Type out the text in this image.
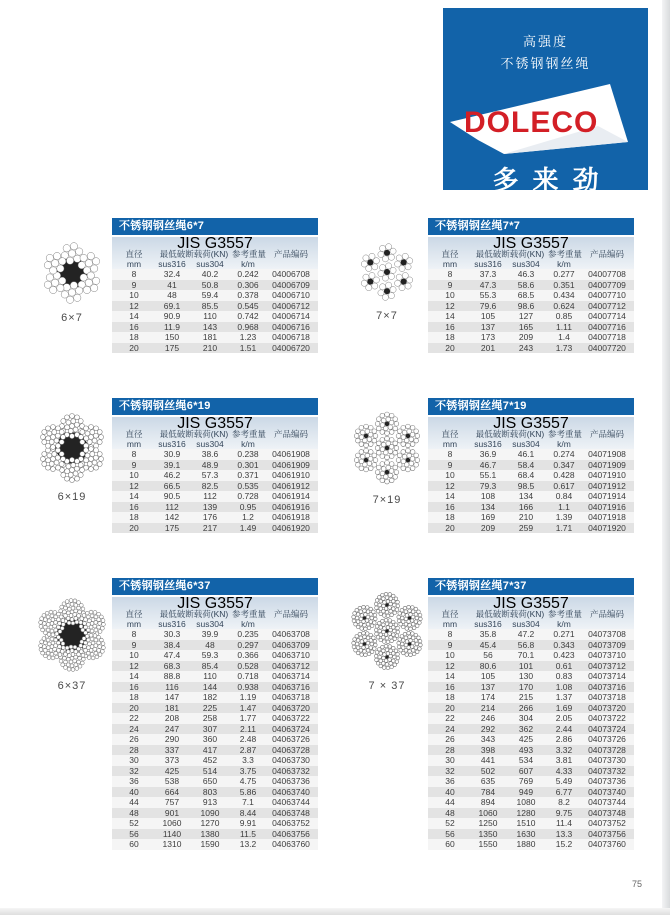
高强度
不锈钢钢丝绳
DOLECO
多来劲
不锈钢钢丝绳6*7
JIS G3557
直径	最低破断载荷(KN) 参考重量 产品编码
mm	sus316	sus304	k/m
8	32.4	40.2	0.242	04006708
9	41	50.8	0.306	04006709
10	48	59.4	0.378	04006710
12	69.1	85.5	0.545	04006712
14	90.9	110	0.742	04006714
16	11.9	143	0.968	04006716
18	150	181	1.23	04006718
20	175	210	1.51	04006720
不锈钢钢丝绳7*7
JIS G3557
直径	最低破断载荷(KN) 参考重量 产品编码
mm	sus316	sus304	k/m
8	37.3	46.3	0.277	04007708
9	47.3	58.6	0.351	04007709
10	55.3	68.5	0.434	04007710
12	79.6	98.6	0.624	04007712
14	105	127	0.85	04007714
16	137	165	1.11	04007716
18	173	209	1.4	04007718
20	201	243	1.73	04007720
不锈钢钢丝绳6*19
JIS G3557
直径	最低破断载荷(KN) 参考重量 产品编码
mm	sus316	sus304	k/m
8	30.9	38.6	0.238	04061908
9	39.1	48.9	0.301	04061909
10	46.2	57.3	0.371	04061910
12	66.5	82.5	0.535	04061912
14	90.5	112	0.728	04061914
16	112	139	0.95	04061916
18	142	176	1.2	04061918
20	175	217	1.49	04061920
不锈钢钢丝绳7*19
JIS G3557
直径	最低破断载荷(KN) 参考重量 产品编码
mm	sus316	sus304	k/m
8	36.9	46.1	0.274	04071908
9	46.7	58.4	0.347	04071909
10	55.1	68.4	0.428	04071910
12	79.3	98.5	0.617	04071912
14	108	134	0.84	04071914
16	134	166	1.1	04071916
18	169	210	1.39	04071918
20	209	259	1.71	04071920
不锈钢钢丝绳6*37
JIS G3557
直径	最低破断载荷(KN) 参考重量 产品编码
mm	sus316	sus304	k/m
8	30.3	39.9	0.235	04063708
9	38.4	48	0.297	04063709
10	47.4	59.3	0.366	04063710
12	68.3	85.4	0.528	04063712
14	88.8	110	0.718	04063714
16	116	144	0.938	04063716
18	147	182	1.19	04063718
20	181	225	1.47	04063720
22	208	258	1.77	04063722
24	247	307	2.11	04063724
26	290	360	2.48	04063726
28	337	417	2.87	04063728
30	373	452	3.3	04063730
32	425	514	3.75	04063732
36	538	650	4.75	04063736
40	664	803	5.86	04063740
44	757	913	7.1	04063744
48	901	1090	8.44	04063748
52	1060	1270	9.91	04063752
56	1140	1380	11.5	04063756
60	1310	1590	13.2	04063760
不锈钢钢丝绳7*37
JIS G3557
直径	最低破断载荷(KN) 参考重量 产品编码
mm	sus316	sus304	k/m
8	35.8	47.2	0.271	04073708
9	45.4	56.8	0.343	04073709
10	56	70.1	0.423	04073710
12	80.6	101	0.61	04073712
14	105	130	0.83	04073714
16	137	170	1.08	04073716
18	174	215	1.37	04073718
20	214	266	1.69	04073720
22	246	304	2.05	04073722
24	292	362	2.44	04073724
26	343	425	2.86	04073726
28	398	493	3.32	04073728
30	441	534	3.81	04073730
32	502	607	4.33	04073732
36	635	769	5.49	04073736
40	784	949	6.77	04073740
44	894	1080	8.2	04073744
48	1060	1280	9.75	04073748
52	1250	1510	11.4	04073752
56	1350	1630	13.3	04073756
60	1550	1880	15.2	04073760
6×7	7×7
6×19	7×19
6×37	7 × 37
75
